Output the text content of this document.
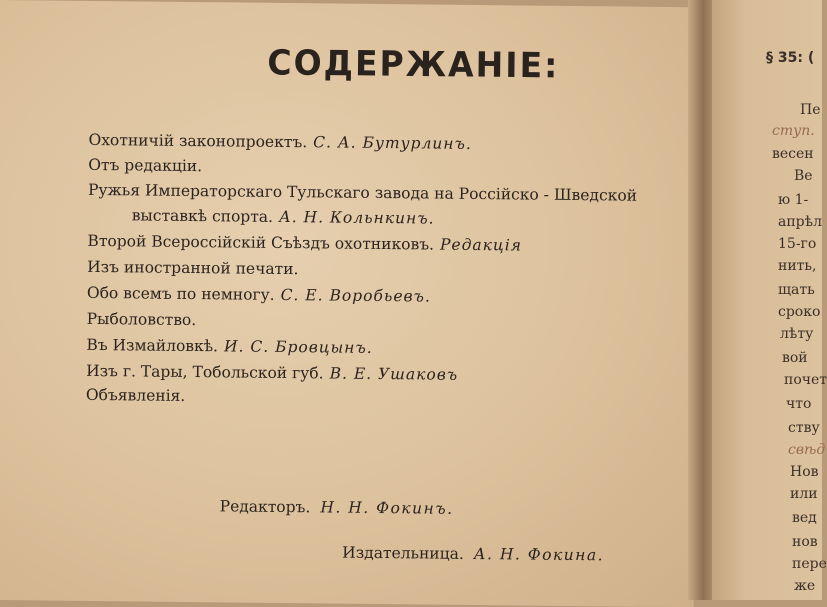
СОДЕРЖАНІЕ:
Охотничій законопроектъ. С. А. Бутурлинъ.
Отъ редакціи.
Ружья Императорскаго Тульскаго завода на Россійско - Шведской
выставкѣ спорта. А. Н. Кольнкинъ.
Второй Всероссійскій Съѣздъ охотниковъ. Редакція
Изъ иностранной печати.
Обо всемъ по немногу. С. Е. Воробьевъ.
Рыболовство.
Въ Измайловкѣ. И. С. Бровцынъ.
Изъ г. Тары, Тобольской губ. В. Е. Ушаковъ
Объявленія.
Редакторъ. Н. Н. Фокинъ.
Издательница. А. Н. Фокина.
§ 35: (
Пе
ступ.
весен
Ве
ю 1-
апрѣл
15-го
нить,
щать
сроко
лѣту
вой
почет
что
ству
свѣд
Нов
или
вед
нов
пере
же
